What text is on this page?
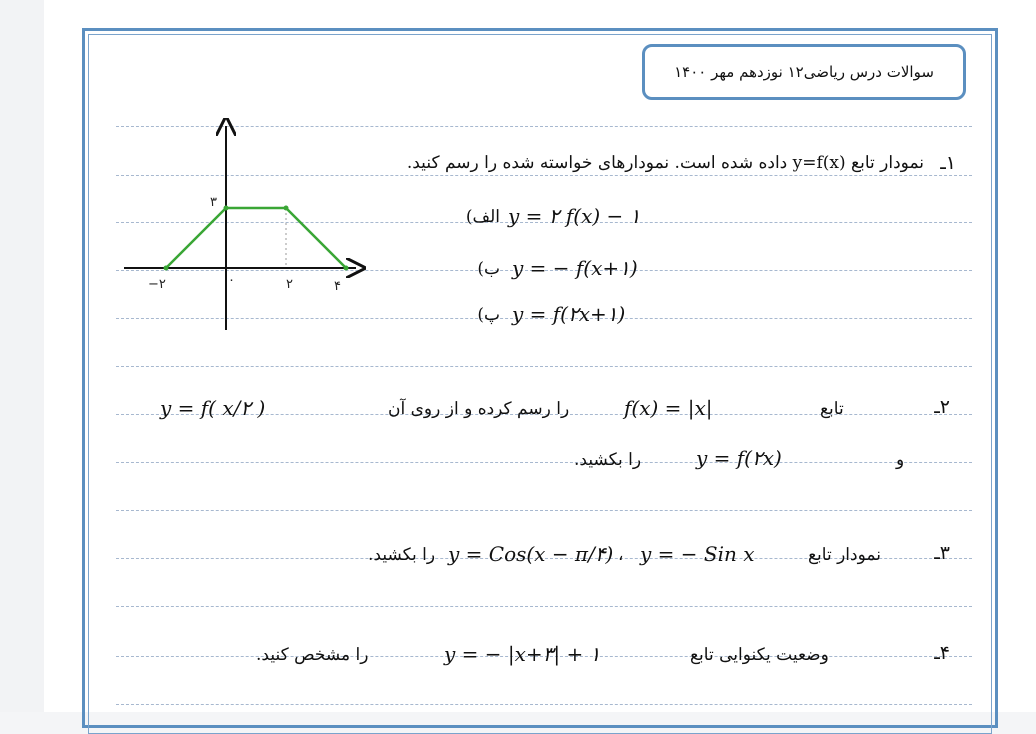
سوالات درس ریاضی۱۲ نوزدهم مهر ۱۴۰۰
−۲	۰	۲	۴
۳
۱ـ
نمودار تابع y=f(x) داده شده است. نمودارهای خواسته شده را رسم کنید.
الف) y = ۲ f(x) − ۱
ب) y = − f(x+۱)
پ) y = f(۲x+۱)
۲ـ
تابع
f(x) = |x|
را رسم کرده و از روی آن
y = f( x/۲ )
و
y = f(۲x)
را بکشید.
۳ـ
نمودار تابع
y = − Sin x
،
y = Cos(x − π/۴)
را بکشید.
۴ـ
وضعیت یکنوایی تابع
y = − |x+۳| + ۱
را مشخص کنید.
